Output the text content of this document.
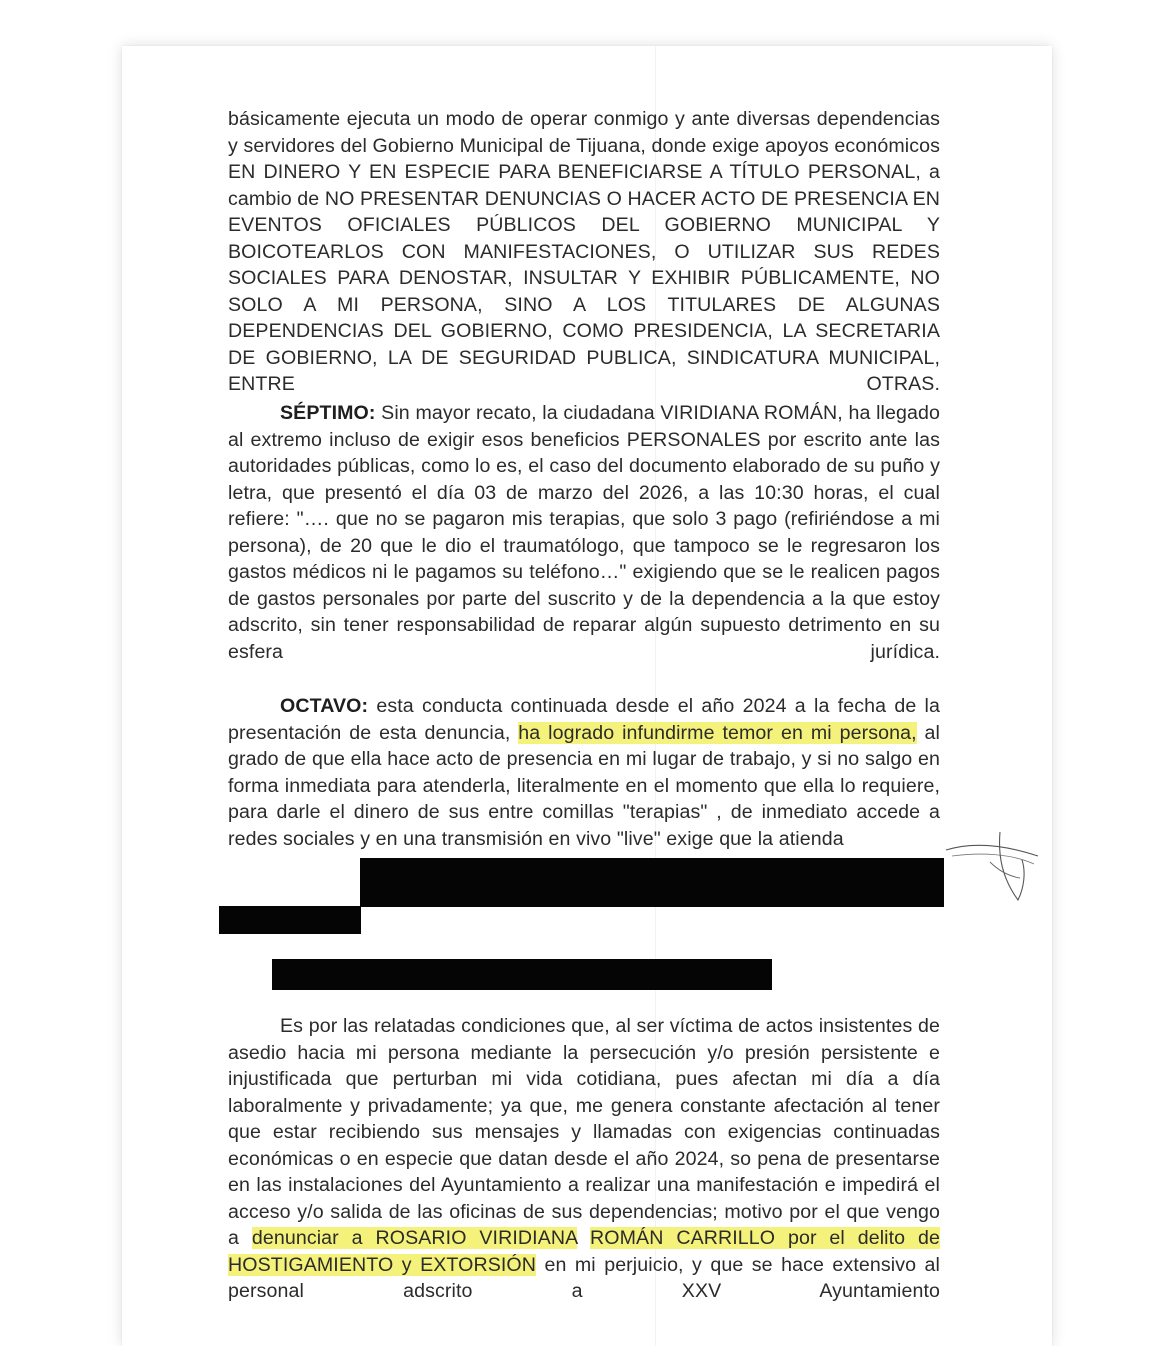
básicamente ejecuta un modo de operar conmigo y ante diversas dependencias y servidores del Gobierno Municipal de Tijuana, donde exige apoyos económicos EN DINERO Y EN ESPECIE PARA BENEFICIARSE A TÍTULO PERSONAL, a cambio de NO PRESENTAR DENUNCIAS O HACER ACTO DE PRESENCIA EN EVENTOS OFICIALES PÚBLICOS DEL GOBIERNO MUNICIPAL Y BOICOTEARLOS CON MANIFESTACIONES, O UTILIZAR SUS REDES SOCIALES PARA DENOSTAR, INSULTAR Y EXHIBIR PÚBLICAMENTE, NO SOLO A MI PERSONA, SINO A LOS TITULARES DE ALGUNAS DEPENDENCIAS DEL GOBIERNO, COMO PRESIDENCIA, LA SECRETARIA DE GOBIERNO, LA DE SEGURIDAD PUBLICA, SINDICATURA MUNICIPAL, ENTRE OTRAS.
SÉPTIMO: Sin mayor recato, la ciudadana VIRIDIANA ROMÁN, ha llegado al extremo incluso de exigir esos beneficios PERSONALES por escrito ante las autoridades públicas, como lo es, el caso del documento elaborado de su puño y letra, que presentó el día 03 de marzo del 2026, a las 10:30 horas, el cual refiere: "…. que no se pagaron mis terapias, que solo 3 pago (refiriéndose a mi persona), de 20 que le dio el traumatólogo, que tampoco se le regresaron los gastos médicos ni le pagamos su teléfono…" exigiendo que se le realicen pagos de gastos personales por parte del suscrito y de la dependencia a la que estoy adscrito, sin tener responsabilidad de reparar algún supuesto detrimento en su esfera jurídica.
OCTAVO: esta conducta continuada desde el año 2024 a la fecha de la presentación de esta denuncia, ha logrado infundirme temor en mi persona, al grado de que ella hace acto de presencia en mi lugar de trabajo, y si no salgo en forma inmediata para atenderla, literalmente en el momento que ella lo requiere, para darle el dinero de sus entre comillas "terapias" , de inmediato accede a redes sociales y en una transmisión en vivo "live" exige que la atienda
Es por las relatadas condiciones que, al ser víctima de actos insistentes de asedio hacia mi persona mediante la persecución y/o presión persistente e injustificada que perturban mi vida cotidiana, pues afectan mi día a día laboralmente y privadamente; ya que, me genera constante afectación al tener que estar recibiendo sus mensajes y llamadas con exigencias continuadas económicas o en especie que datan desde el año 2024, so pena de presentarse en las instalaciones del Ayuntamiento a realizar una manifestación e impedirá el acceso y/o salida de las oficinas de sus dependencias; motivo por el que vengo a denunciar a ROSARIO VIRIDIANA ROMÁN CARRILLO por el delito de HOSTIGAMIENTO y EXTORSIÓN en mi perjuicio, y que se hace extensivo al personal adscrito a XXV Ayuntamiento
